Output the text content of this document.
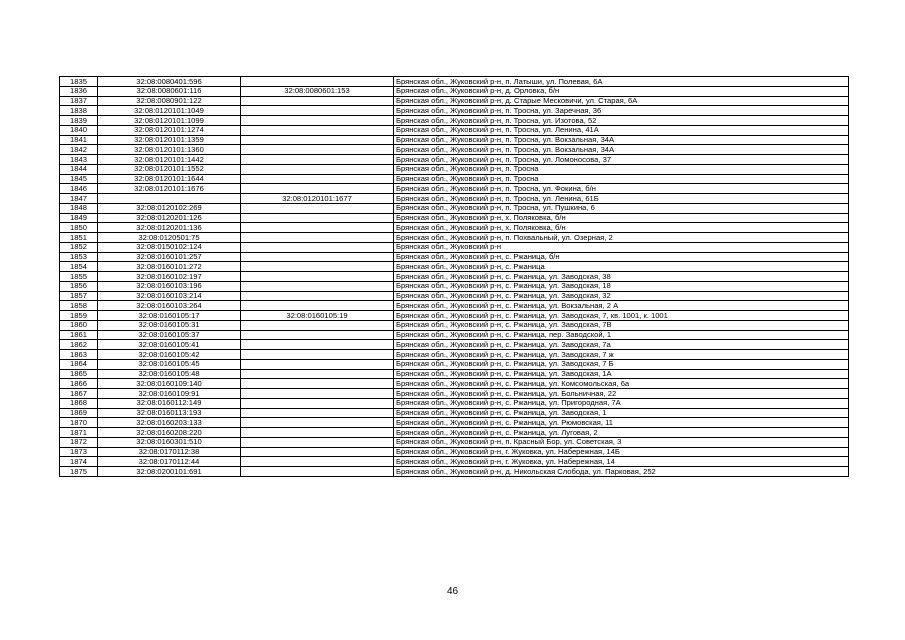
1835	32:08:0080401:596		Брянская обл., Жуковский р-н, п. Латыши, ул. Полевая, 6А
1836	32:08:0080601:116	32:08:0080601:153	Брянская обл., Жуковский р-н, д. Орловка, б/н
1837	32:08:0080901:122		Брянская обл., Жуковский р-н, д. Старые Месковичи, ул. Старая, 6А
1838	32:08:0120101:1049		Брянская обл., Жуковский р-н, п. Тросна, ул. Заречная, 36
1839	32:08:0120101:1099		Брянская обл., Жуковский р-н, п. Тросна, ул. Изотова, 52
1840	32:08:0120101:1274		Брянская обл., Жуковский р-н, п. Тросна, ул. Ленина, 41А
1841	32:08:0120101:1359		Брянская обл., Жуковский р-н, п. Тросна, ул. Вокзальная, 34А
1842	32:08:0120101:1360		Брянская обл., Жуковский р-н, п. Тросна, ул. Вокзальная, 34А
1843	32:08:0120101:1442		Брянская обл., Жуковский р-н, п. Тросна, ул. Ломоносова, 37
1844	32:08:0120101:1552		Брянская обл., Жуковский р-н, п. Тросна
1845	32:08:0120101:1644		Брянская обл., Жуковский р-н, п. Тросна
1846	32:08:0120101:1676		Брянская обл., Жуковский р-н, п. Тросна, ул. Фокина, б/н
1847		32:08:0120101:1677	Брянская обл., Жуковский р-н, п. Тросна, ул. Ленина, 61Б
1848	32:08:0120102:269		Брянская обл., Жуковский р-н, п. Тросна, ул. Пушкина, 6
1849	32:08:0120201:126		Брянская обл., Жуковский р-н, х. Поляковка, б/н
1850	32:08:0120201:136		Брянская обл., Жуковский р-н, х. Поляковка, б/н
1851	32:08:0120501:75		Брянская обл., Жуковский р-н, п. Похвальный, ул. Озерная, 2
1852	32:08:0150102:124		Брянская обл., Жуковский р-н
1853	32:08:0160101:257		Брянская обл., Жуковский р-н, с. Ржаница, б/н
1854	32:08:0160101:272		Брянская обл., Жуковский р-н, с. Ржаница
1855	32:08:0160102:197		Брянская обл., Жуковский р-н, с. Ржаница, ул. Заводская, 38
1856	32:08:0160103:196		Брянская обл., Жуковский р-н, с. Ржаница, ул. Заводская, 18
1857	32:08:0160103:214		Брянская обл., Жуковский р-н, с. Ржаница, ул. Заводская, 32
1858	32:08:0160103:264		Брянская обл., Жуковский р-н, с. Ржаница, ул. Вокзальная, 2 А
1859	32:08:0160105:17	32:08:0160105:19	Брянская обл., Жуковский р-н, с. Ржаница, ул. Заводская, 7, кв. 1001, к. 1001
1860	32:08:0160105:31		Брянская обл., Жуковский р-н, с. Ржаница, ул. Заводская, 7В
1861	32:08:0160105:37		Брянская обл., Жуковский р-н, с. Ржаница, пер. Заводской, 1
1862	32:08:0160105:41		Брянская обл., Жуковский р-н, с. Ржаница, ул. Заводская, 7а
1863	32:08:0160105:42		Брянская обл., Жуковский р-н, с. Ржаница, ул. Заводская, 7 ж
1864	32:08:0160105:45		Брянская обл., Жуковский р-н, с. Ржаница, ул. Заводская, 7 Б
1865	32:08:0160105:48		Брянская обл., Жуковский р-н, с. Ржаница, ул. Заводская, 1А
1866	32:08:0160109:140		Брянская обл., Жуковский р-н, с. Ржаница, ул. Комсомольская, 6а
1867	32:08:0160109:91		Брянская обл., Жуковский р-н, с. Ржаница, ул. Больничная, 22
1868	32:08:0160112:149		Брянская обл., Жуковский р-н, с. Ржаница, ул. Пригородная, 7А
1869	32:08:0160113:193		Брянская обл., Жуковский р-н, с. Ржаница, ул. Заводская, 1
1870	32:08:0160203:133		Брянская обл., Жуковский р-н, с. Ржаница, ул. Рюмовская, 11
1871	32:08:0160208:220		Брянская обл., Жуковский р-н, с. Ржаница, ул. Луговая, 2
1872	32:08:0160301:510		Брянская обл., Жуковский р-н, п. Красный Бор, ул. Советская, 3
1873	32:08:0170112:38		Брянская обл., Жуковский р-н, г. Жуковка, ул. Набережная, 14Б
1874	32:08:0170112:44		Брянская обл., Жуковский р-н, г. Жуковка, ул. Набережная, 14
1875	32:08:0200101:691		Брянская обл., Жуковский р-н, д. Никольская Слобода, ул. Парковая, 252
46
